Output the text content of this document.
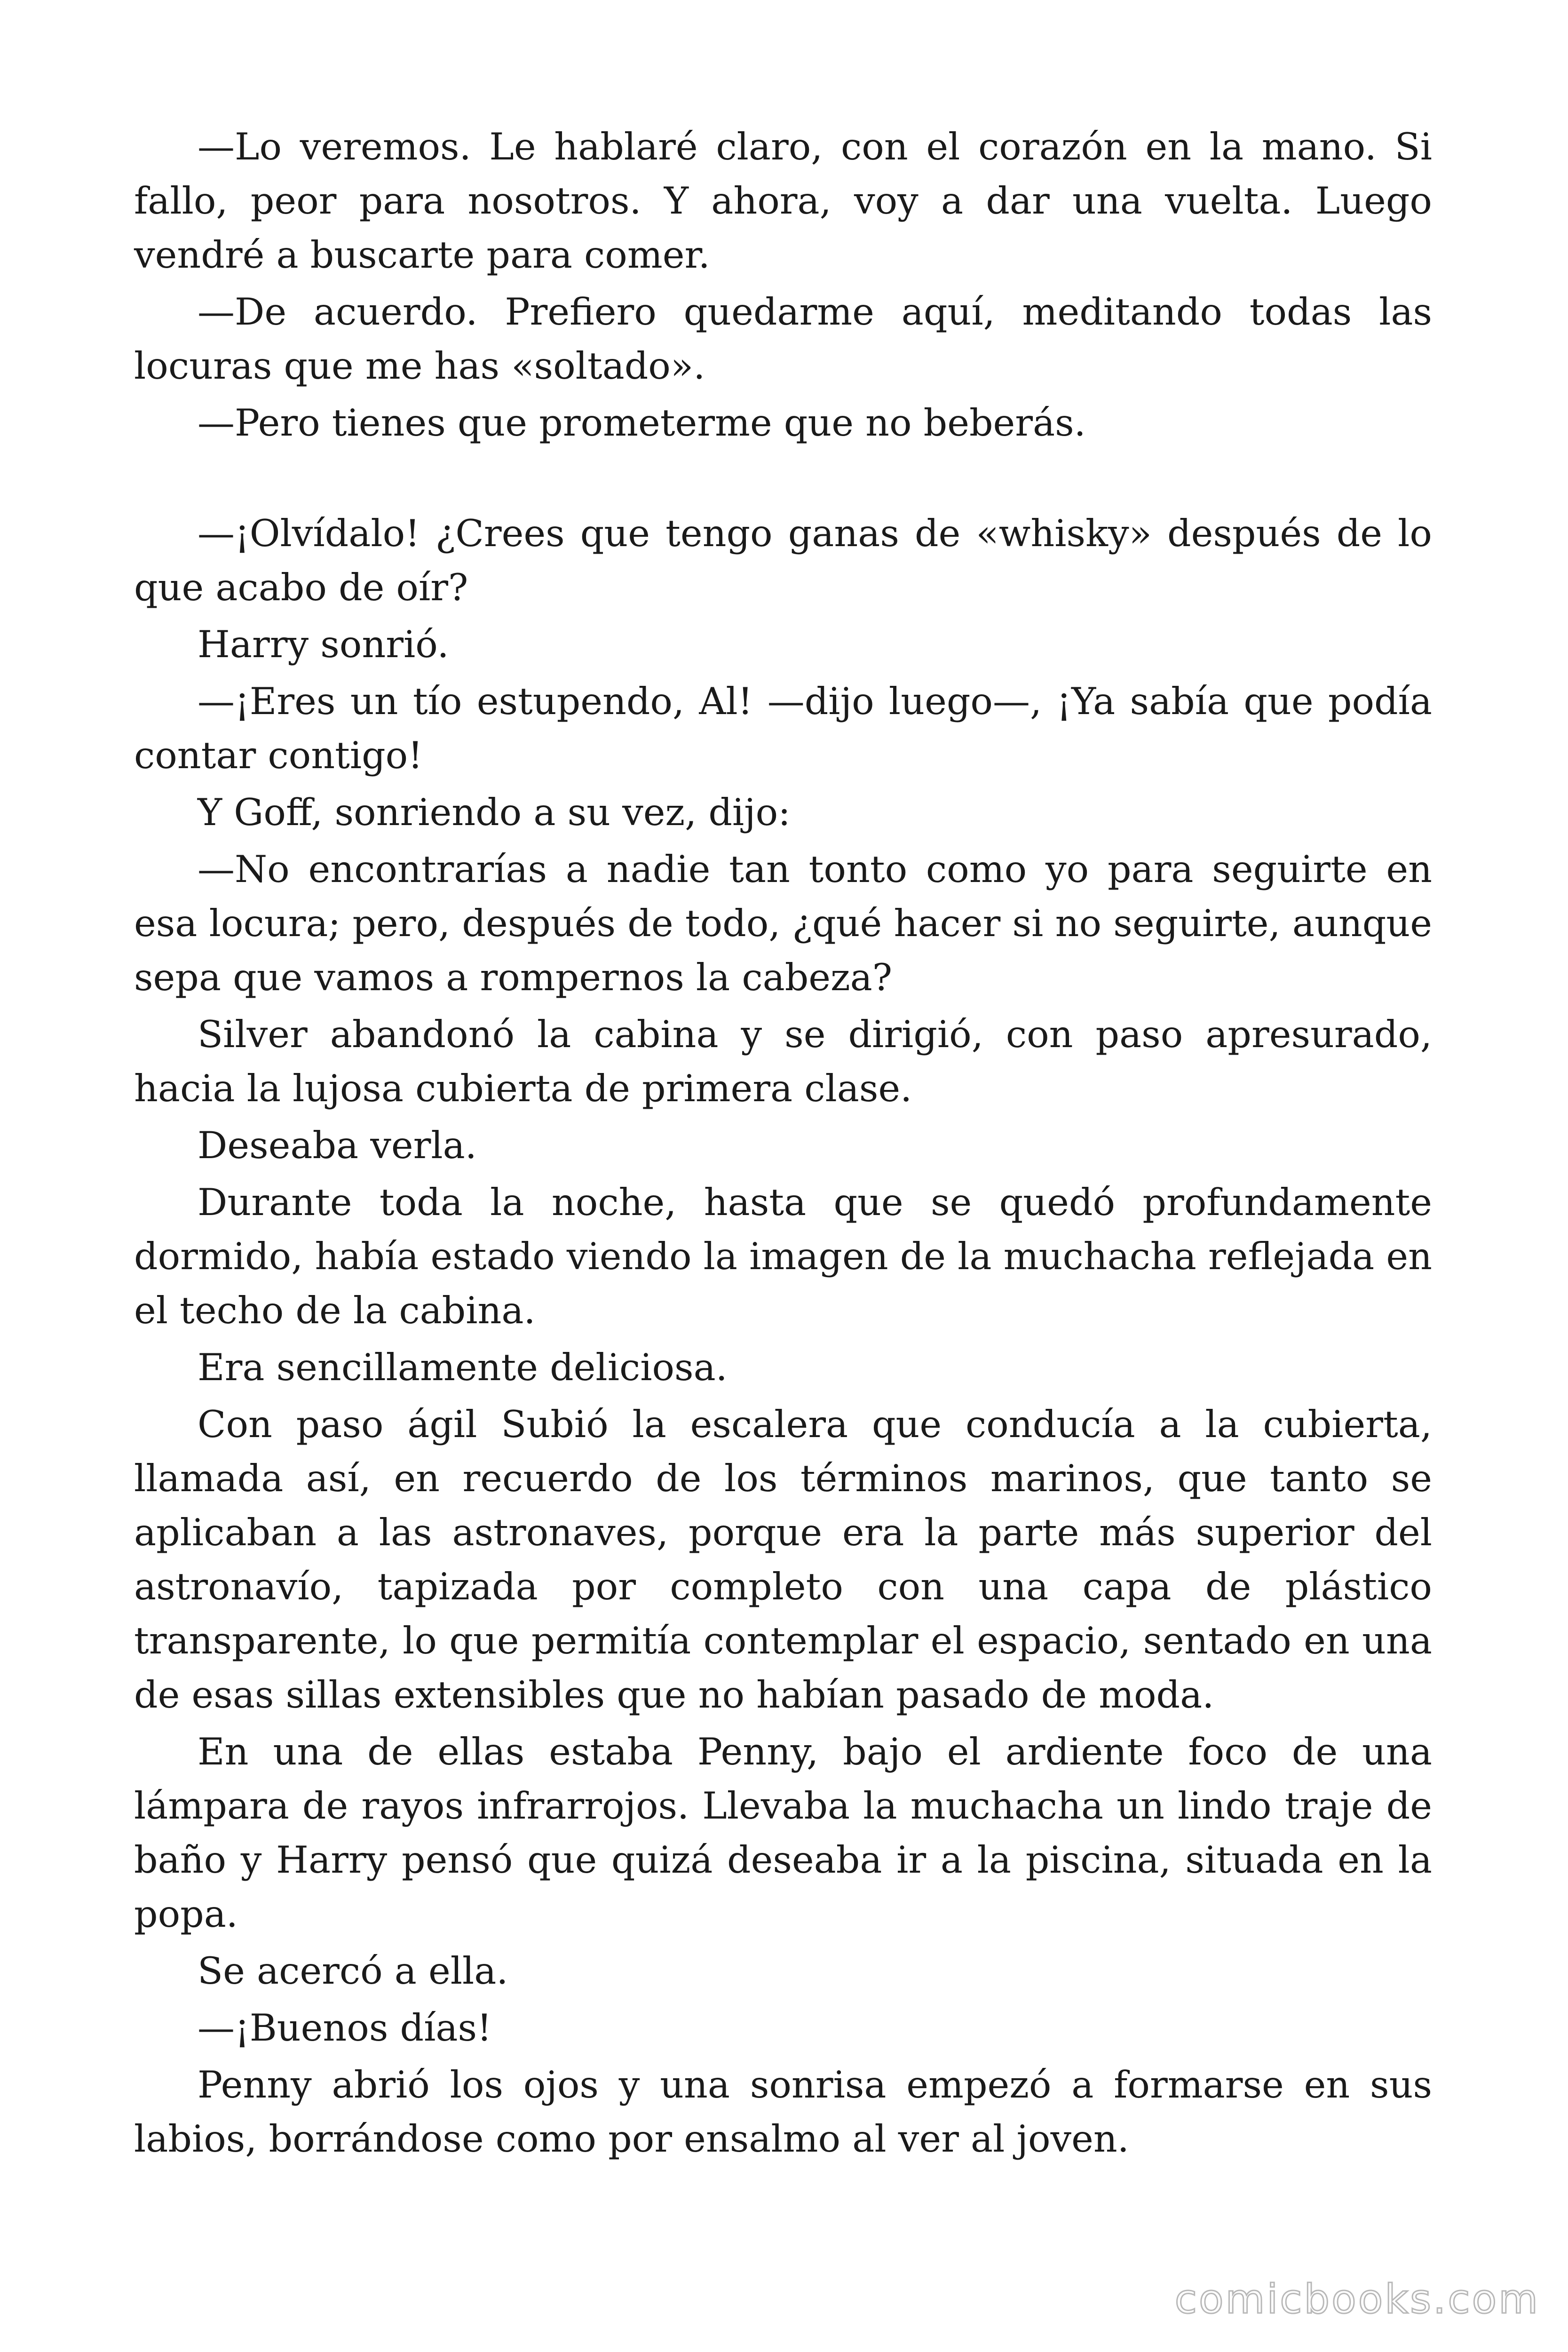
—Lo veremos. Le hablaré claro, con el corazón en la mano. Si fallo, peor para nosotros. Y ahora, voy a dar una vuelta. Luego vendré a buscarte para comer.

—De acuerdo. Prefiero quedarme aquí, meditando todas las locuras que me has «soltado».

—Pero tienes que prometerme que no beberás.

—¡Olvídalo! ¿Crees que tengo ganas de «whisky» después de lo que acabo de oír?

Harry sonrió.

—¡Eres un tío estupendo, Al! —dijo luego—, ¡Ya sabía que podía contar contigo!

Y Goff, sonriendo a su vez, dijo:

—No encontrarías a nadie tan tonto como yo para seguirte en esa locura; pero, después de todo, ¿qué hacer si no seguirte, aunque sepa que vamos a rompernos la cabeza?

Silver abandonó la cabina y se dirigió, con paso apresurado, hacia la lujosa cubierta de primera clase.

Deseaba verla.

Durante toda la noche, hasta que se quedó profundamente dormido, había estado viendo la imagen de la muchacha reflejada en el techo de la cabina.

Era sencillamente deliciosa.

Con paso ágil Subió la escalera que conducía a la cubierta, llamada así, en recuerdo de los términos marinos, que tanto se aplicaban a las astronaves, porque era la parte más superior del astronavío, tapizada por completo con una capa de plástico transparente, lo que permitía contemplar el espacio, sentado en una de esas sillas extensibles que no habían pasado de moda.

En una de ellas estaba Penny, bajo el ardiente foco de una lámpara de rayos infrarrojos. Llevaba la muchacha un lindo traje de baño y Harry pensó que quizá deseaba ir a la piscina, situada en la popa.

Se acercó a ella.

—¡Buenos días!

Penny abrió los ojos y una sonrisa empezó a formarse en sus labios, borrándose como por ensalmo al ver al joven.

comicbooks.com
